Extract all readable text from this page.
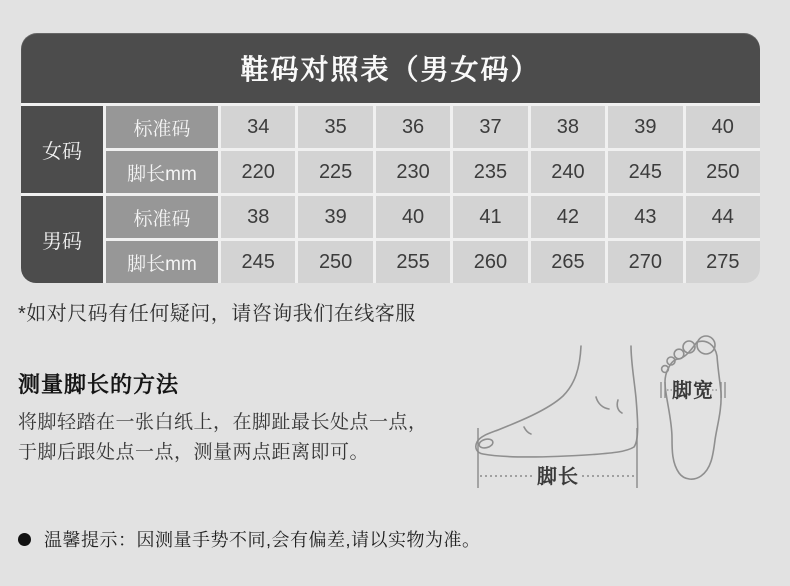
鞋码对照表（男女码）
女码
标准码	34	35	36	37	38	39	40
脚长mm	220	225	230	235	240	245	250
男码
标准码	38	39	40	41	42	43	44
脚长mm	245	250	255	260	265	270	275
*如对尺码有任何疑问，请咨询我们在线客服
测量脚长的方法
将脚轻踏在一张白纸上，在脚趾最长处点一点，
于脚后跟处点一点，测量两点距离即可。
脚长
脚宽
温馨提示：因测量手势不同,会有偏差,请以实物为准。
